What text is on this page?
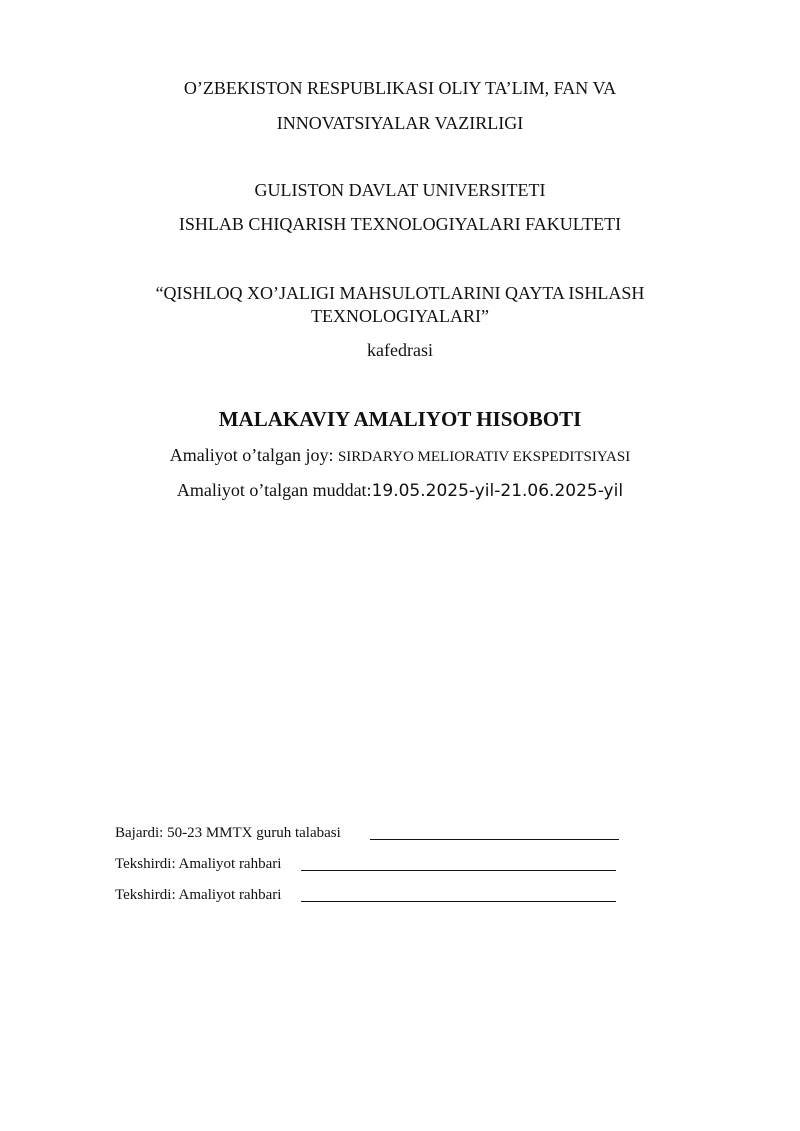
O’ZBEKISTON RESPUBLIKASI OLIY TA’LIM, FAN VA
INNOVATSIYALAR VAZIRLIGI
GULISTON DAVLAT UNIVERSITETI
ISHLAB CHIQARISH TEXNOLOGIYALARI FAKULTETI
“QISHLOQ XO’JALIGI MAHSULOTLARINI QAYTA ISHLASH
TEXNOLOGIYALARI”
kafedrasi
MALAKAVIY AMALIYOT HISOBOTI
Amaliyot o’talgan joy: SIRDARYO MELIORATIV EKSPEDITSIYASI
Amaliyot o’talgan muddat:19.05.2025-yil-21.06.2025-yil
Bajardi: 50-23 MMTX guruh talabasi
Tekshirdi: Amaliyot rahbari
Tekshirdi: Amaliyot rahbari
